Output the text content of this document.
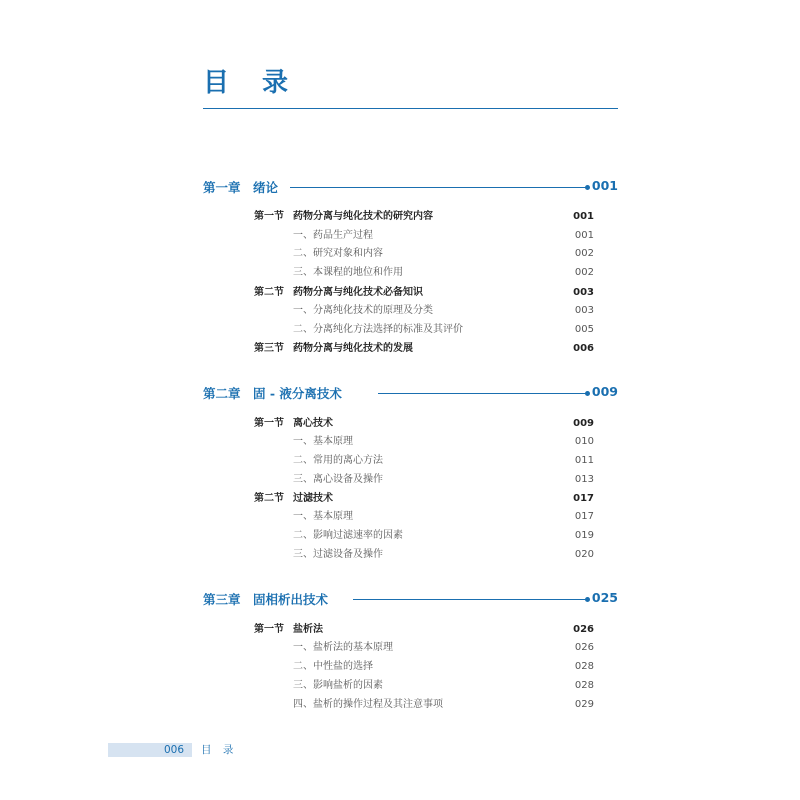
目 录
第一章　绪论	001
第一节 药物分离与纯化技术的研究内容	001
一、药品生产过程	001
二、研究对象和内容	002
三、本课程的地位和作用	002
第二节 药物分离与纯化技术必备知识	003
一、分离纯化技术的原理及分类	003
二、分离纯化方法选择的标准及其评价	005
第三节 药物分离与纯化技术的发展	006
第二章　固 - 液分离技术	009
第一节 离心技术	009
一、基本原理	010
二、常用的离心方法	011
三、离心设备及操作	013
第二节 过滤技术	017
一、基本原理	017
二、影响过滤速率的因素	019
三、过滤设备及操作	020
第三章　固相析出技术	025
第一节 盐析法	026
一、盐析法的基本原理	026
二、中性盐的选择	028
三、影响盐析的因素	028
四、盐析的操作过程及其注意事项	029
006 目 录
